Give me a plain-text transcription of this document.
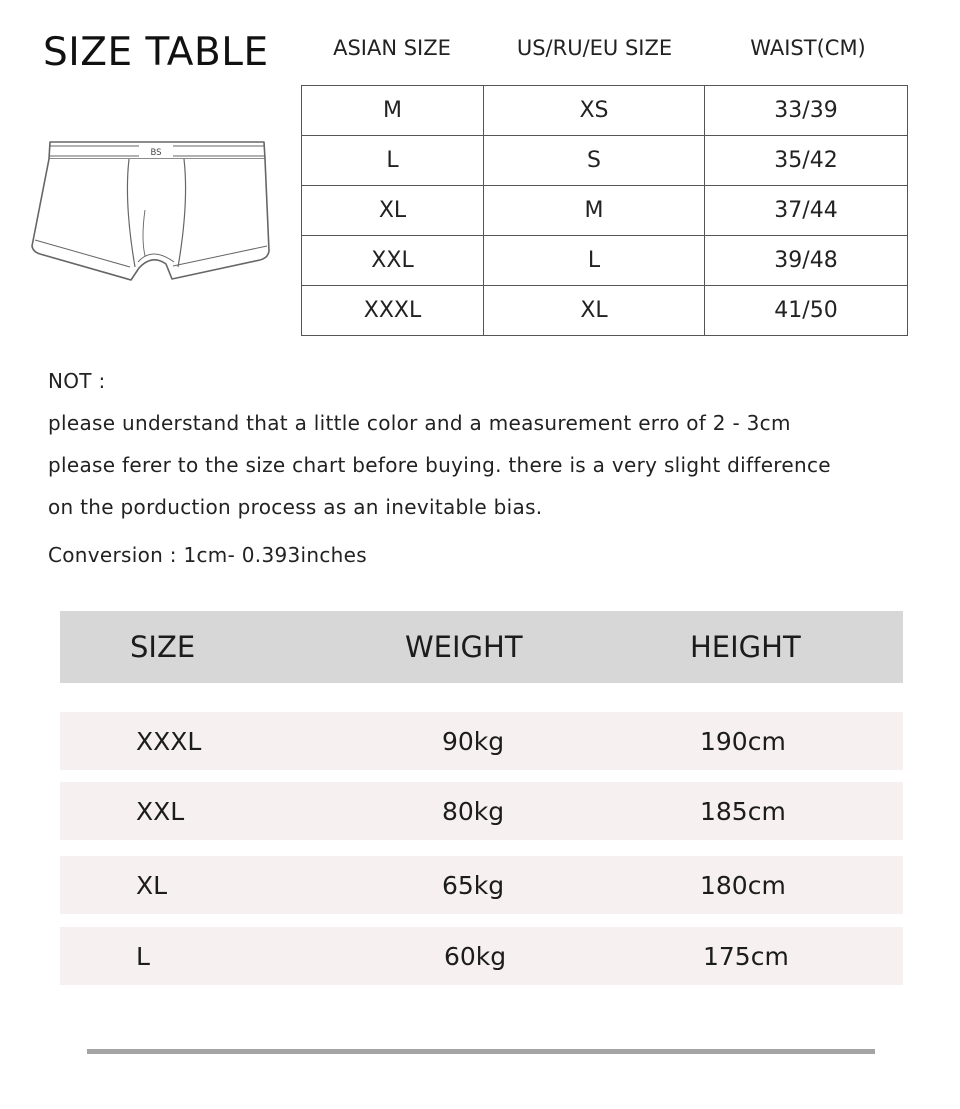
SIZE TABLE	ASIAN SIZE	US/RU/EU SIZE	WAIST(CM)
M	XS	33/39
L	S	35/42
XL	M	37/44
XXL	L	39/48
XXXL	XL	41/50
BS
NOT :
please understand that a little color and a measurement erro of 2 - 3cm
please ferer to the size chart before buying. there is a very slight difference
on the porduction process as an inevitable bias.
Conversion : 1cm- 0.393inches
SIZE	WEIGHT	HEIGHT
XXXL	90kg	190cm
XXL	80kg	185cm
XL	65kg	180cm
L	60kg	175cm
